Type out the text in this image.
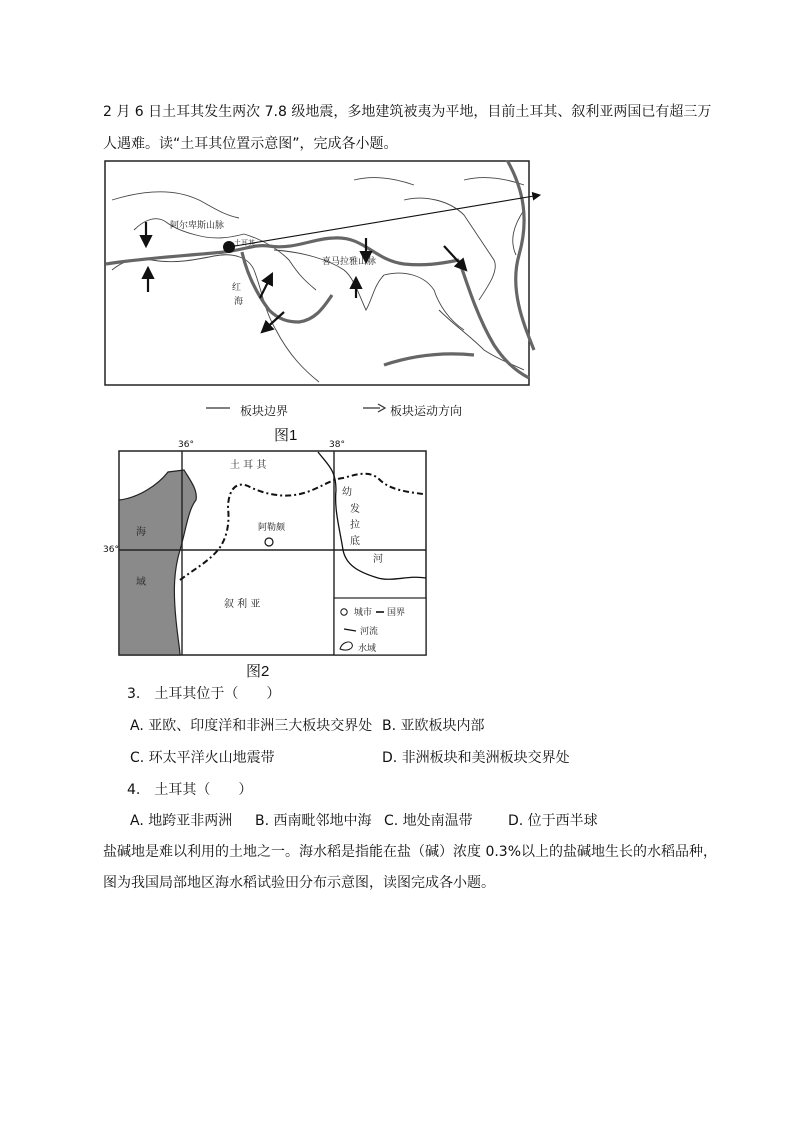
2 月 6 日土耳其发生两次 7.8 级地震，多地建筑被夷为平地，目前土耳其、叙利亚两国已有超三万
人遇难。读“土耳其位置示意图”，完成各小题。
阿尔卑斯山脉
土耳其
喜马拉雅山脉
红
海
板块边界	板块运动方向
图1
36°	38°
36°
城市 国界
河流
水域
土 耳 其
海
域
阿勒颇
叙 利 亚
幼
发
拉
底
河
图2
3.　土耳其位于（　　）
A. 亚欧、印度洋和非洲三大板块交界处 B. 亚欧板块内部
C. 环太平洋火山地震带	D. 非洲板块和美洲板块交界处
4.　土耳其（　　）
A. 地跨亚非两洲 B. 西南毗邻地中海 C. 地处南温带	D. 位于西半球
盐碱地是难以利用的土地之一。海水稻是指能在盐（碱）浓度 0.3%以上的盐碱地生长的水稻品种，
图为我国局部地区海水稻试验田分布示意图，读图完成各小题。
